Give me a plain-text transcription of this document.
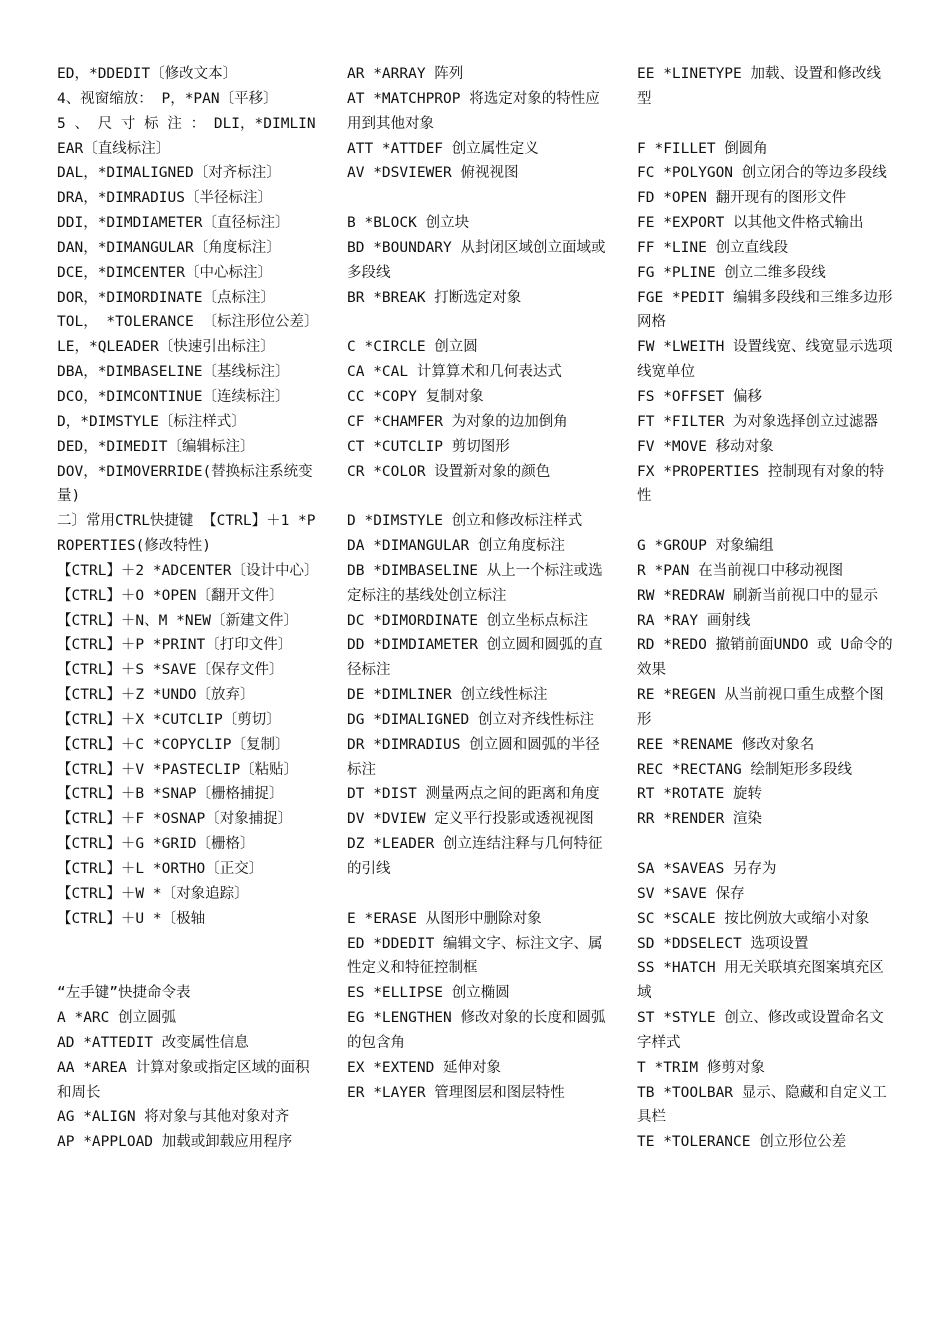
ED，*DDEDIT〔修改文本〕
4、视窗缩放： P，*PAN〔平移〕
5 、 尺 寸 标 注 ： DLI，*DIMLINEAR〔直线标注〕
DAL，*DIMALIGNED〔对齐标注〕
DRA，*DIMRADIUS〔半径标注〕
DDI，*DIMDIAMETER〔直径标注〕
DAN，*DIMANGULAR〔角度标注〕
DCE，*DIMCENTER〔中心标注〕
DOR，*DIMORDINATE〔点标注〕
TOL， *TOLERANCE 〔标注形位公差〕
LE，*QLEADER〔快速引出标注〕
DBA，*DIMBASELINE〔基线标注〕
DCO，*DIMCONTINUE〔连续标注〕
D，*DIMSTYLE〔标注样式〕
DED，*DIMEDIT〔编辑标注〕
DOV，*DIMOVERRIDE(替换标注系统变量)
二〕常用CTRL快捷键 【CTRL】＋1 *PROPERTIES(修改特性)
【CTRL】＋2 *ADCENTER〔设计中心〕
【CTRL】＋O *OPEN〔翻开文件〕
【CTRL】＋N、M *NEW〔新建文件〕
【CTRL】＋P *PRINT〔打印文件〕
【CTRL】＋S *SAVE〔保存文件〕
【CTRL】＋Z *UNDO〔放弃〕
【CTRL】＋X *CUTCLIP〔剪切〕
【CTRL】＋C *COPYCLIP〔复制〕
【CTRL】＋V *PASTECLIP〔粘贴〕
【CTRL】＋B *SNAP〔栅格捕捉〕
【CTRL】＋F *OSNAP〔对象捕捉〕
【CTRL】＋G *GRID〔栅格〕
【CTRL】＋L *ORTHO〔正交〕
【CTRL】＋W *〔对象追踪〕
【CTRL】＋U *〔极轴
“左手键”快捷命令表
A *ARC 创立圆弧
AD *ATTEDIT 改变属性信息
AA *AREA 计算对象或指定区域的面积和周长
AG *ALIGN 将对象与其他对象对齐
AP *APPLOAD 加载或卸载应用程序
AR *ARRAY 阵列
AT *MATCHPROP 将选定对象的特性应用到其他对象
ATT *ATTDEF 创立属性定义
AV *DSVIEWER 俯视视图
B *BLOCK 创立块
BD *BOUNDARY 从封闭区域创立面域或多段线
BR *BREAK 打断选定对象
C *CIRCLE 创立圆
CA *CAL 计算算术和几何表达式
CC *COPY 复制对象
CF *CHAMFER 为对象的边加倒角
CT *CUTCLIP 剪切图形
CR *COLOR 设置新对象的颜色
D *DIMSTYLE 创立和修改标注样式
DA *DIMANGULAR 创立角度标注
DB *DIMBASELINE 从上一个标注或选定标注的基线处创立标注
DC *DIMORDINATE 创立坐标点标注
DD *DIMDIAMETER 创立圆和圆弧的直径标注
DE *DIMLINER 创立线性标注
DG *DIMALIGNED 创立对齐线性标注
DR *DIMRADIUS 创立圆和圆弧的半径标注
DT *DIST 测量两点之间的距离和角度
DV *DVIEW 定义平行投影或透视视图
DZ *LEADER 创立连结注释与几何特征的引线
E *ERASE 从图形中删除对象
ED *DDEDIT 编辑文字、标注文字、属性定义和特征控制框
ES *ELLIPSE 创立椭圆
EG *LENGTHEN 修改对象的长度和圆弧的包含角
EX *EXTEND 延伸对象
ER *LAYER 管理图层和图层特性
EE *LINETYPE 加载、设置和修改线型
F *FILLET 倒圆角
FC *POLYGON 创立闭合的等边多段线
FD *OPEN 翻开现有的图形文件
FE *EXPORT 以其他文件格式输出
FF *LINE 创立直线段
FG *PLINE 创立二维多段线
FGE *PEDIT 编辑多段线和三维多边形网格
FW *LWEITH 设置线宽、线宽显示选项线宽单位
FS *OFFSET 偏移
FT *FILTER 为对象选择创立过滤器
FV *MOVE 移动对象
FX *PROPERTIES 控制现有对象的特性
G *GROUP 对象编组
R *PAN 在当前视口中移动视图
RW *REDRAW 刷新当前视口中的显示
RA *RAY 画射线
RD *REDO 撤销前面UNDO 或 U命令的效果
RE *REGEN 从当前视口重生成整个图形
REE *RENAME 修改对象名
REC *RECTANG 绘制矩形多段线
RT *ROTATE 旋转
RR *RENDER 渲染
SA *SAVEAS 另存为
SV *SAVE 保存
SC *SCALE 按比例放大或缩小对象
SD *DDSELECT 选项设置
SS *HATCH 用无关联填充图案填充区域
ST *STYLE 创立、修改或设置命名文字样式
T *TRIM 修剪对象
TB *TOOLBAR 显示、隐藏和自定义工具栏
TE *TOLERANCE 创立形位公差
